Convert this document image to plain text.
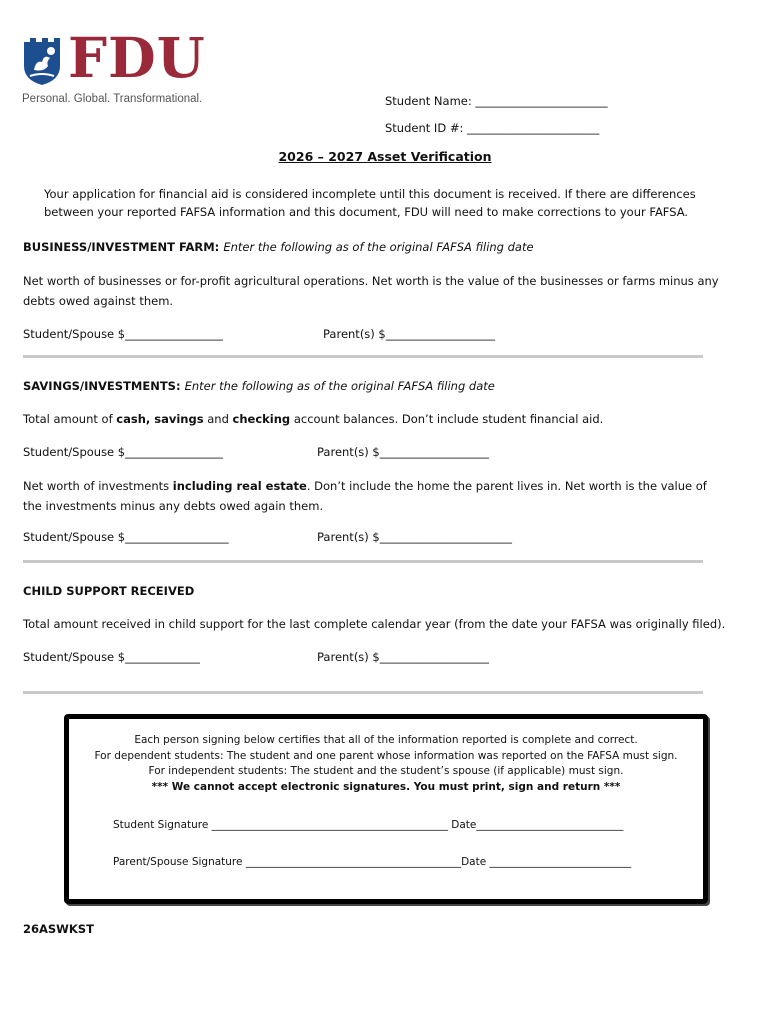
FDU
Personal. Global. Transformational.	Student Name: _______________________
Student ID #: _______________________
2026 – 2027 Asset Verification
Your application for financial aid is considered incomplete until this document is received. If there are differences between your reported FAFSA information and this document, FDU will need to make corrections to your FAFSA.
BUSINESS/INVESTMENT FARM: Enter the following as of the original FAFSA filing date
Net worth of businesses or for-profit agricultural operations. Net worth is the value of the businesses or farms minus any debts owed against them.
Student/Spouse $_________________	Parent(s) $___________________
SAVINGS/INVESTMENTS: Enter the following as of the original FAFSA filing date
Total amount of cash, savings and checking account balances. Don’t include student financial aid.
Student/Spouse $_________________	Parent(s) $___________________
Net worth of investments including real estate. Don’t include the home the parent lives in. Net worth is the value of the investments minus any debts owed again them.
Student/Spouse $__________________	Parent(s) $_______________________
CHILD SUPPORT RECEIVED
Total amount received in child support for the last complete calendar year (from the date your FAFSA was originally filed).
Student/Spouse $_____________	Parent(s) $___________________
Each person signing below certifies that all of the information reported is complete and correct.
For dependent students: The student and one parent whose information was reported on the FAFSA must sign.
For independent students: The student and the student’s spouse (if applicable) must sign.
*** We cannot accept electronic signatures. You must print, sign and return ***
Student Signature _____________________________________________ Date____________________________
Parent/Spouse Signature _________________________________________Date ___________________________
26ASWKST
